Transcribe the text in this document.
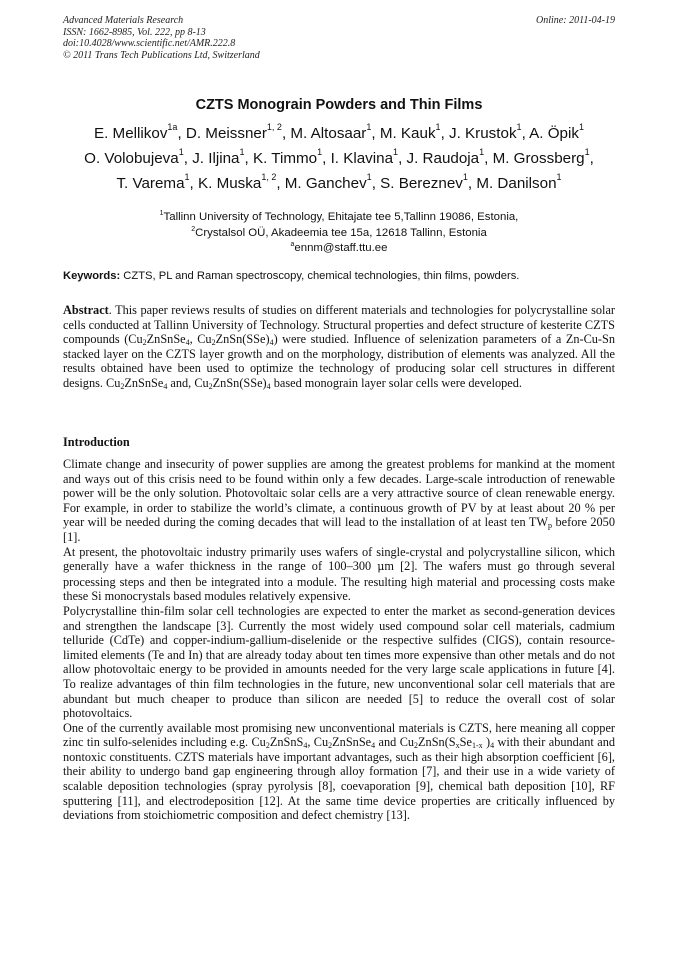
Advanced Materials Research
ISSN: 1662-8985, Vol. 222, pp 8-13
doi:10.4028/www.scientific.net/AMR.222.8
© 2011 Trans Tech Publications Ltd, Switzerland
Online: 2011-04-19
CZTS Monograin Powders and Thin Films
E. Mellikov$^{1a}$, D. Meissner$^{1, 2}$, M. Altosaar$^1$, M. Kauk$^1$, J. Krustok$^1$, A. Öpik$^1$
O. Volobujeva$^1$, J. Iljina$^1$, K. Timmo$^1$, I. Klavina$^1$, J. Raudoja$^1$, M. Grossberg$^1$,
T. Varema$^1$, K. Muska$^{1, 2}$, M. Ganchev$^1$, S. Bereznev$^1$, M. Danilson$^1$
$^1$Tallinn University of Technology, Ehitajate tee 5,Tallinn 19086, Estonia,
$^2$Crystalsol OÜ, Akadeemia tee 15a, 12618 Tallinn, Estonia
$^a$ennm@staff.ttu.ee
Keywords: CZTS, PL and Raman spectroscopy, chemical technologies, thin films, powders.

Abstract. This paper reviews results of studies on different materials and technologies for polycrystalline solar cells conducted at Tallinn University of Technology. Structural properties and defect structure of kesterite CZTS compounds ($Cu_2ZnSnSe_4$, $Cu_2ZnSn(SSe)_4$) were studied. Influence of selenization parameters of a Zn-Cu-Sn stacked layer on the CZTS layer growth and on the morphology, distribution of elements was analyzed. All the results obtained have been used to optimize the technology of producing solar cell structures in different designs. $Cu_2ZnSnSe_4$ and, $Cu_2ZnSn(SSe)_4$ based monograin layer solar cells were developed.

Introduction

Climate change and insecurity of power supplies are among the greatest problems for mankind at the moment and ways out of this crisis need to be found within only a few decades. Large-scale introduction of renewable power will be the only solution. Photovoltaic solar cells are a very attractive source of clean renewable energy. For example, in order to stabilize the world’s climate, a continuous growth of PV by at least about 20 % per year will be needed during the coming decades that will lead to the installation of at least ten $TW_p$ before 2050 [1].

At present, the photovoltaic industry primarily uses wafers of single-crystal and polycrystalline silicon, which generally have a wafer thickness in the range of 100–300 μm [2]. The wafers must go through several processing steps and then be integrated into a module. The resulting high material and processing costs make these Si monocrystals based modules relatively expensive.

Polycrystalline thin-film solar cell technologies are expected to enter the market as second-generation devices and strengthen the landscape [3]. Currently the most widely used compound solar cell materials, cadmium telluride (CdTe) and copper-indium-gallium-diselenide or the respective sulfides (CIGS), contain resource-limited elements (Te and In) that are already today about ten times more expensive than other metals and do not allow photovoltaic energy to be provided in amounts needed for the very large scale applications in future [4]. To realize advantages of thin film technologies in the future, new unconventional solar cell materials that are abundant but much cheaper to produce than silicon are needed [5] to reduce the overall cost of solar photovoltaics.

One of the currently available most promising new unconventional materials is CZTS, here meaning all copper zinc tin sulfo-selenides including e.g. $Cu_2ZnSnS_4$, $Cu_2ZnSnSe_4$ and $Cu_2ZnSn(S_xSe_{1-x}$ )$_4$ with their abundant and nontoxic constituents. CZTS materials have important advantages, such as their high absorption coefficient [6], their ability to undergo band gap engineering through alloy formation [7], and their use in a wide variety of scalable deposition technologies (spray pyrolysis [8], coevaporation [9], chemical bath deposition [10], RF sputtering [11], and electrodeposition [12]. At the same time device properties are critically influenced by deviations from stoichiometric composition and defect chemistry [13].
